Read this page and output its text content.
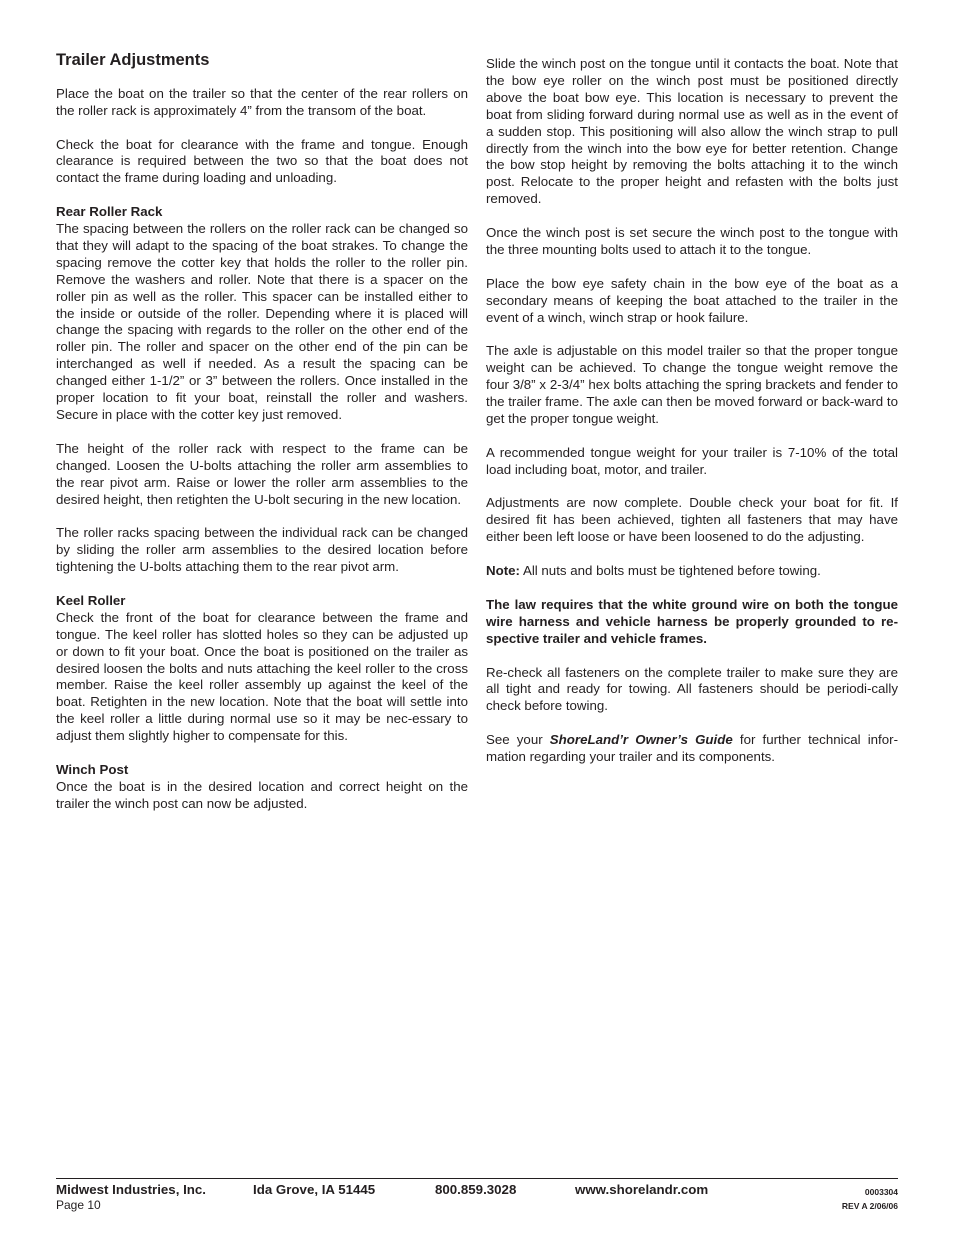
Trailer Adjustments

Place the boat on the trailer so that the center of the rear rollers on the roller rack is approximately 4” from the transom of the boat.

Check the boat for clearance with the frame and tongue. Enough clearance is required between the two so that the boat does not contact the frame during loading and unloading.

Rear Roller Rack
The spacing between the rollers on the roller rack can be changed so that they will adapt to the spacing of the boat strakes. To change the spacing remove the cotter key that holds the roller to the roller pin. Remove the washers and roller. Note that there is a spacer on the roller pin as well as the roller. This spacer can be installed either to the inside or outside of the roller. Depending where it is placed will change the spacing with regards to the roller on the other end of the roller pin. The roller and spacer on the other end of the pin can be interchanged as well if needed. As a result the spacing can be changed either 1-1/2” or 3” between the rollers. Once installed in the proper location to fit your boat, reinstall the roller and washers. Secure in place with the cotter key just removed.

The height of the roller rack with respect to the frame can be changed. Loosen the U-bolts attaching the roller arm assemblies to the rear pivot arm. Raise or lower the roller arm assemblies to the desired height, then retighten the U-bolt securing in the new location.

The roller racks spacing between the individual rack can be changed by sliding the roller arm assemblies to the desired location before tightening the U-bolts attaching them to the rear pivot arm.

Keel Roller
Check the front of the boat for clearance between the frame and tongue. The keel roller has slotted holes so they can be adjusted up or down to fit your boat. Once the boat is positioned on the trailer as desired loosen the bolts and nuts attaching the keel roller to the cross member. Raise the keel roller assembly up against the keel of the boat. Retighten in the new location. Note that the boat will settle into the keel roller a little during normal use so it may be nec-essary to adjust them slightly higher to compensate for this.

Winch Post
Once the boat is in the desired location and correct height on the trailer the winch post can now be adjusted.

Slide the winch post on the tongue until it contacts the boat. Note that the bow eye roller on the winch post must be positioned directly above the boat bow eye. This location is necessary to prevent the boat from sliding forward during normal use as well as in the event of a sudden stop. This positioning will also allow the winch strap to pull directly from the winch into the bow eye for better retention. Change the bow stop height by removing the bolts attaching it to the winch post. Relocate to the proper height and refasten with the bolts just removed.

Once the winch post is set secure the winch post to the tongue with the three mounting bolts used to attach it to the tongue.

Place the bow eye safety chain in the bow eye of the boat as a secondary means of keeping the boat attached to the trailer in the event of a winch, winch strap or hook failure.

The axle is adjustable on this model trailer so that the proper tongue weight can be achieved. To change the tongue weight remove the four 3/8” x 2-3/4” hex bolts attaching the spring brackets and fender to the trailer frame. The axle can then be moved forward or back-ward to get the proper tongue weight.

A recommended tongue weight for your trailer is 7-10% of the total load including boat, motor, and trailer.

Adjustments are now complete. Double check your boat for fit. If desired fit has been achieved, tighten all fasteners that may have either been left loose or have been loosened to do the adjusting.

Note: All nuts and bolts must be tightened before towing.

The law requires that the white ground wire on both the tongue wire harness and vehicle harness be properly grounded to re-spective trailer and vehicle frames.

Re-check all fasteners on the complete trailer to make sure they are all tight and ready for towing. All fasteners should be periodi-cally check before towing.

See your ShoreLand’r Owner’s Guide for further technical infor-mation regarding your trailer and its components.

Midwest Industries, Inc.	Ida Grove, IA 51445	800.859.3028	www.shorelandr.com
Page 10
0003304
REV A 2/06/06
